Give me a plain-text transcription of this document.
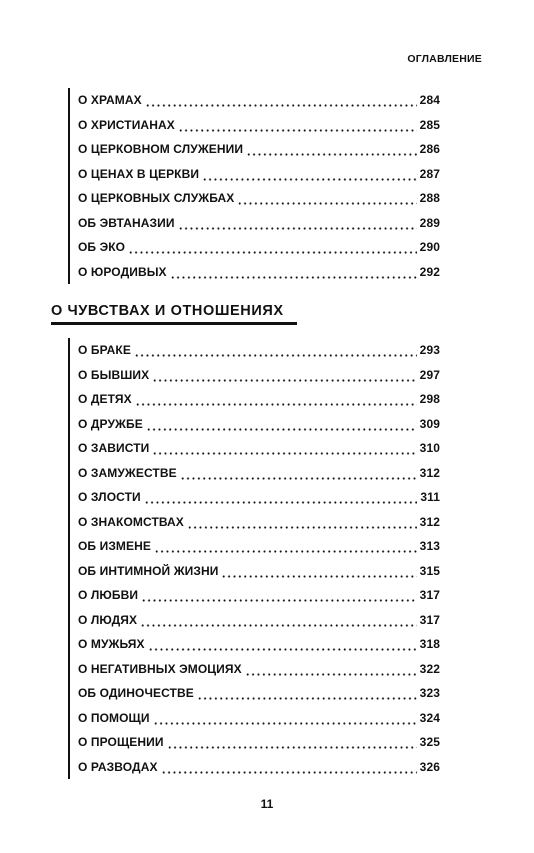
ОГЛАВЛЕНИЕ
О ХРАМАХ	284
О ХРИСТИАНАХ	285
О ЦЕРКОВНОМ СЛУЖЕНИИ	286
О ЦЕНАХ В ЦЕРКВИ	287
О ЦЕРКОВНЫХ СЛУЖБАХ	288
ОБ ЭВТАНАЗИИ	289
ОБ ЭКО	290
О ЮРОДИВЫХ	292
О ЧУВСТВАХ И ОТНОШЕНИЯХ
О БРАКЕ	293
О БЫВШИХ	297
О ДЕТЯХ	298
О ДРУЖБЕ	309
О ЗАВИСТИ	310
О ЗАМУЖЕСТВЕ	312
О ЗЛОСТИ	311
О ЗНАКОМСТВАХ	312
ОБ ИЗМЕНЕ	313
ОБ ИНТИМНОЙ ЖИЗНИ	315
О ЛЮБВИ	317
О ЛЮДЯХ	317
О МУЖЬЯХ	318
О НЕГАТИВНЫХ ЭМОЦИЯХ	322
ОБ ОДИНОЧЕСТВЕ	323
О ПОМОЩИ	324
О ПРОЩЕНИИ	325
О РАЗВОДАХ	326
11
